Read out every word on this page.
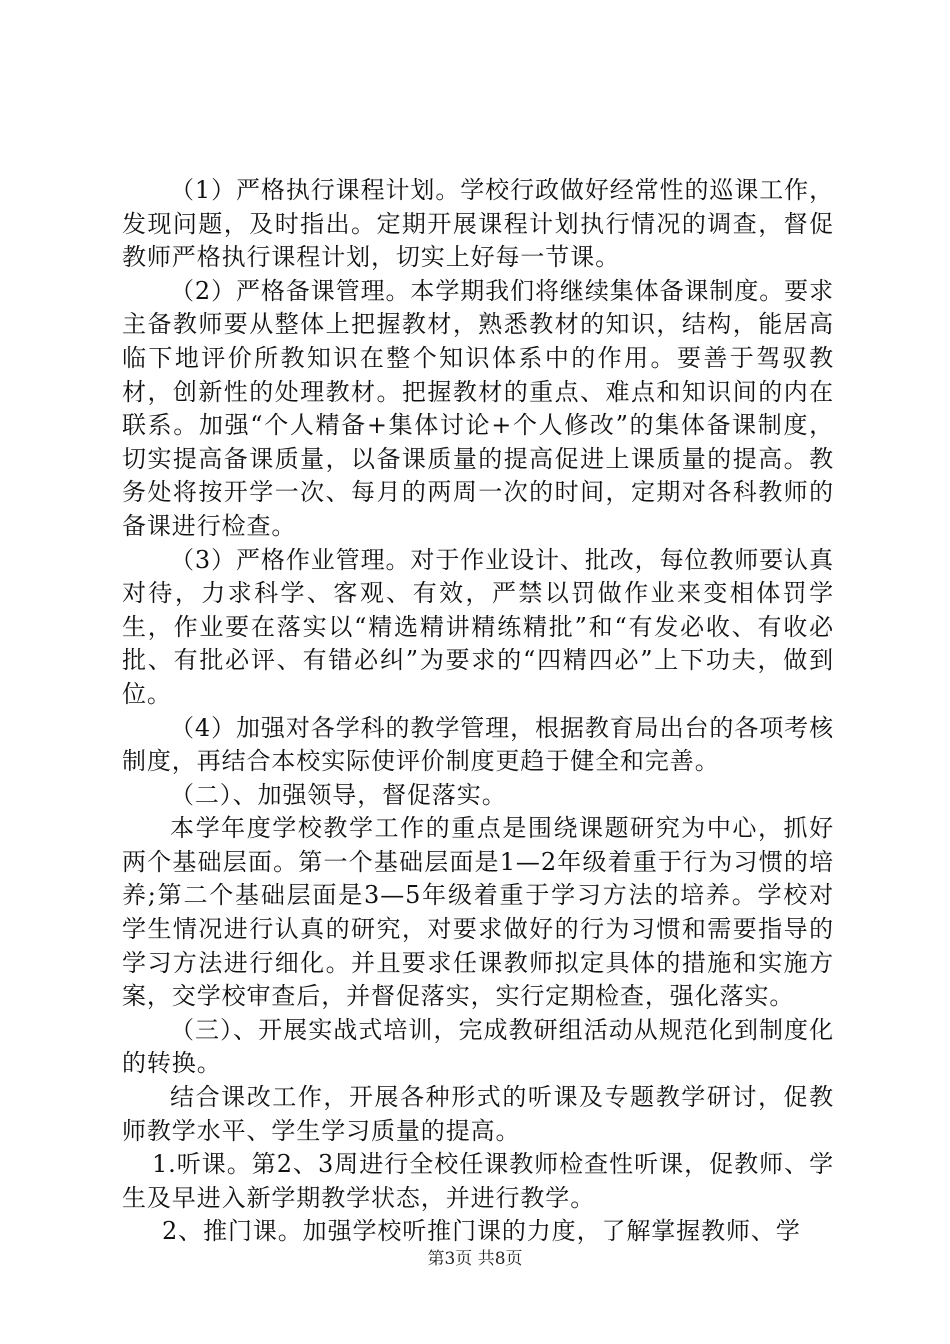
（1）严格执行课程计划。学校行政做好经常性的巡课工作，发现问题，及时指出。定期开展课程计划执行情况的调查，督促教师严格执行课程计划，切实上好每一节课。

（2）严格备课管理。本学期我们将继续集体备课制度。要求主备教师要从整体上把握教材，熟悉教材的知识，结构，能居高临下地评价所教知识在整个知识体系中的作用。要善于驾驭教材，创新性的处理教材。把握教材的重点、难点和知识间的内在联系。加强“个人精备+集体讨论+个人修改”的集体备课制度，切实提高备课质量，以备课质量的提高促进上课质量的提高。教务处将按开学一次、每月的两周一次的时间，定期对各科教师的备课进行检查。

（3）严格作业管理。对于作业设计、批改，每位教师要认真对待，力求科学、客观、有效，严禁以罚做作业来变相体罚学生，作业要在落实以“精选精讲精练精批”和“有发必收、有收必批、有批必评、有错必纠”为要求的“四精四必”上下功夫，做到位。

（4）加强对各学科的教学管理，根据教育局出台的各项考核制度，再结合本校实际使评价制度更趋于健全和完善。

（二）、加强领导，督促落实。

本学年度学校教学工作的重点是围绕课题研究为中心，抓好两个基础层面。第一个基础层面是1—2年级着重于行为习惯的培养;第二个基础层面是3—5年级着重于学习方法的培养。学校对学生情况进行认真的研究，对要求做好的行为习惯和需要指导的学习方法进行细化。并且要求任课教师拟定具体的措施和实施方案，交学校审查后，并督促落实，实行定期检查，强化落实。

（三）、开展实战式培训，完成教研组活动从规范化到制度化的转换。

结合课改工作，开展各种形式的听课及专题教学研讨，促教师教学水平、学生学习质量的提高。

1.听课。第2、3周进行全校任课教师检查性听课，促教师、学生及早进入新学期教学状态，并进行教学。

2、推门课。加强学校听推门课的力度，了解掌握教师、学

第3页 共8页
